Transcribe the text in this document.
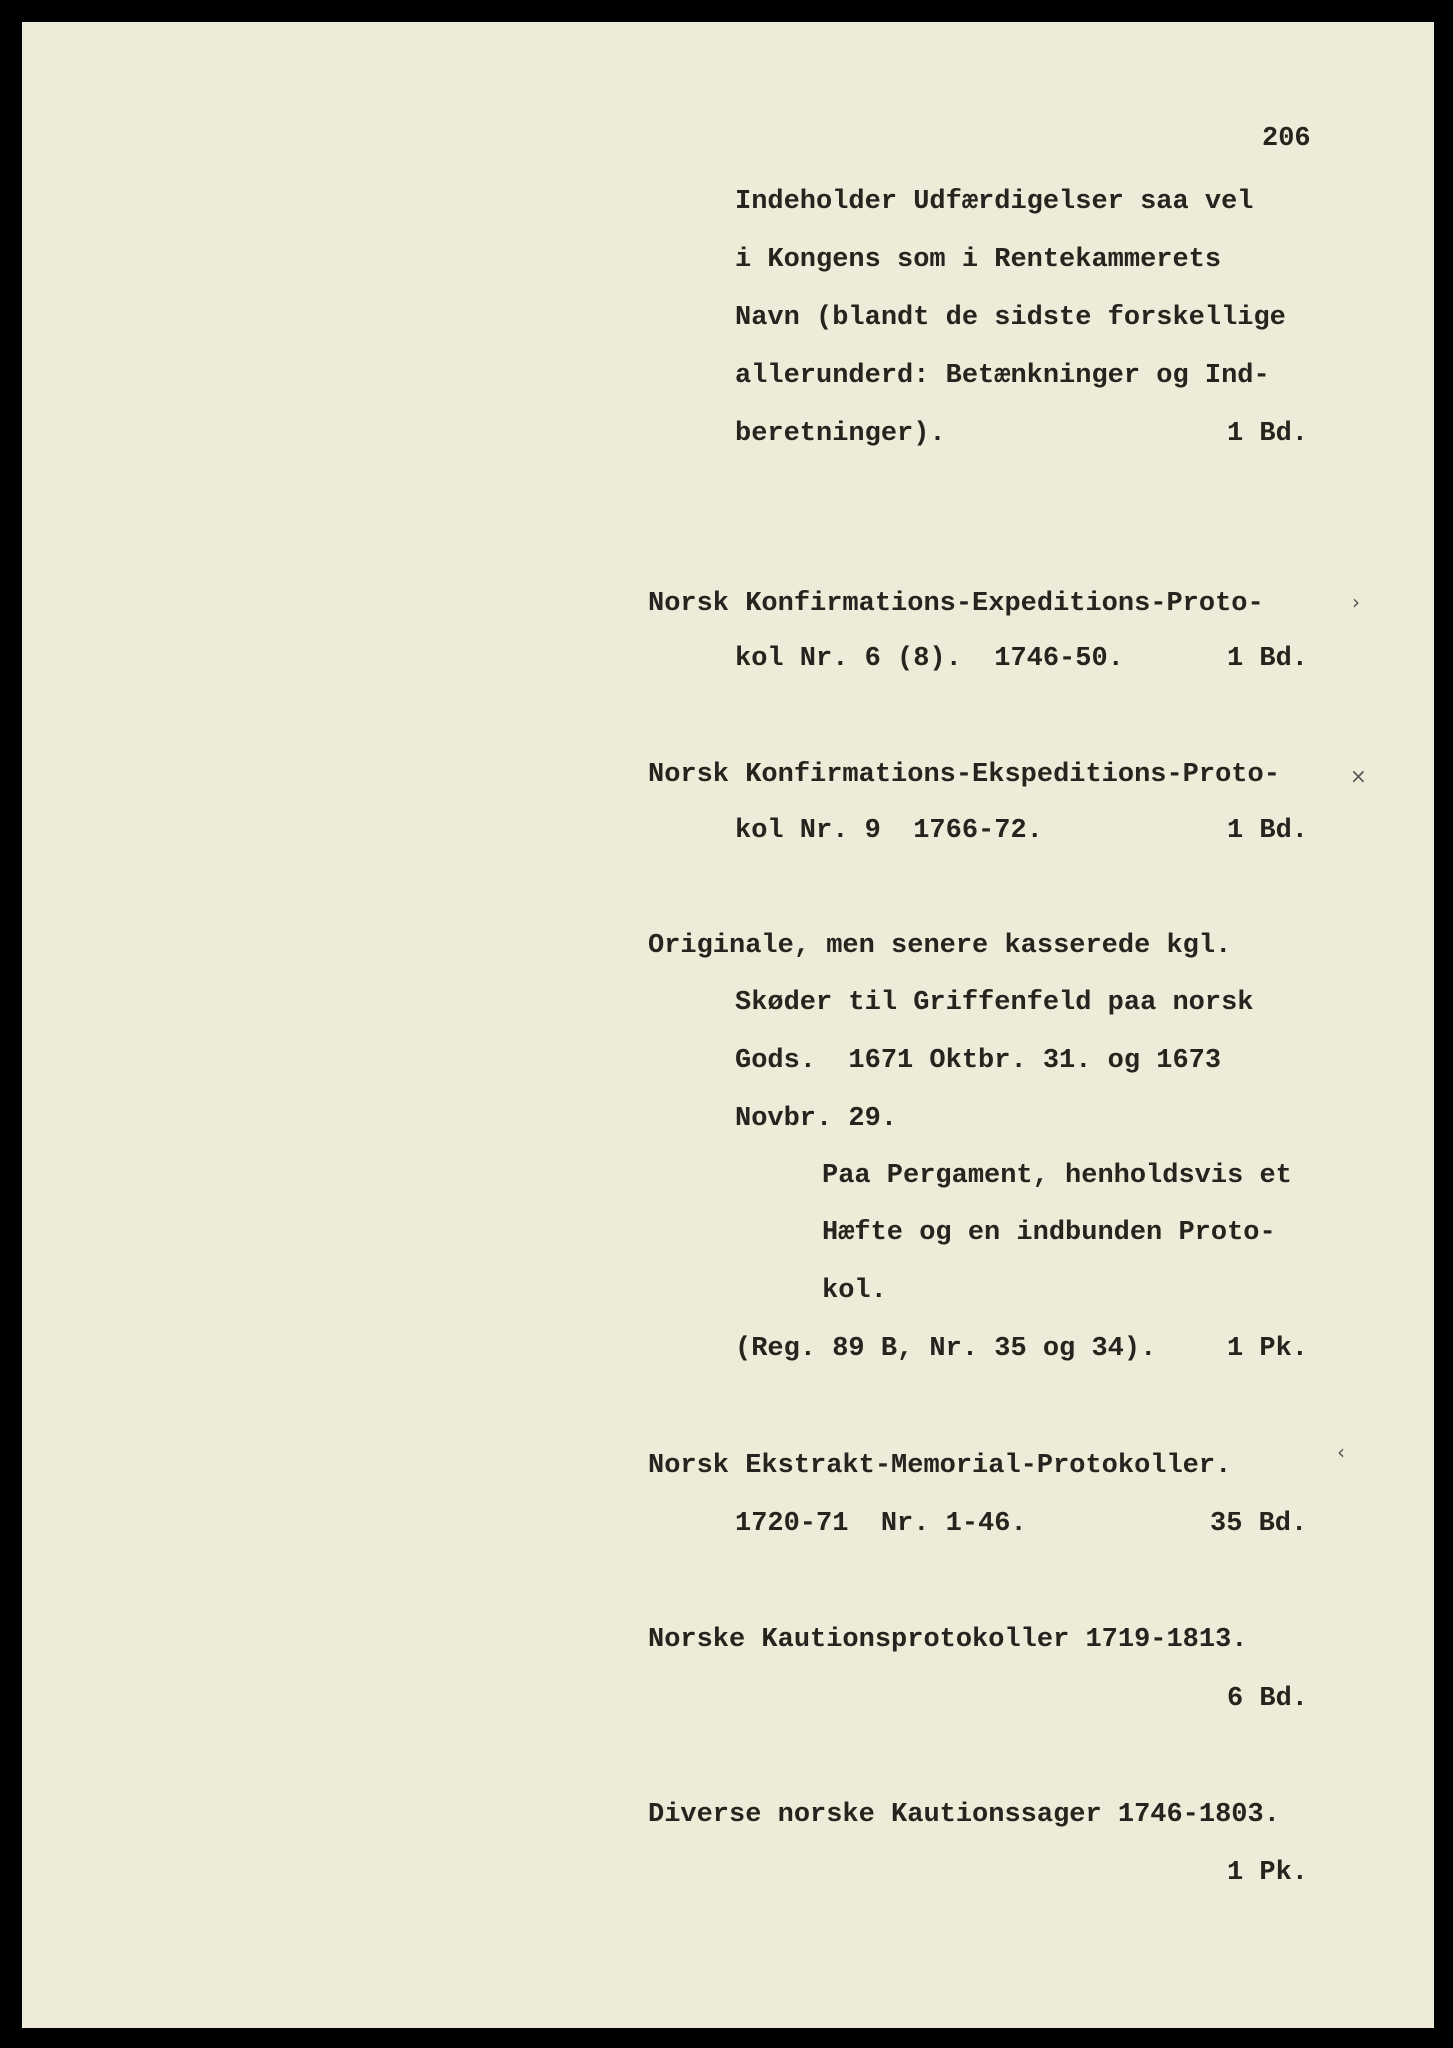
206
Indeholder Udfærdigelser saa vel
i Kongens som i Rentekammerets
Navn (blandt de sidste forskellige
allerunderd: Betænkninger og Ind-
beretninger).	1 Bd.
Norsk Konfirmations-Expeditions-Proto-	›
kol Nr. 6 (8).  1746-50.	1 Bd.
Norsk Konfirmations-Ekspeditions-Proto-	×
kol Nr. 9  1766-72.	1 Bd.
Originale, men senere kasserede kgl.
Skøder til Griffenfeld paa norsk
Gods.  1671 Oktbr. 31. og 1673
Novbr. 29.
Paa Pergament, henholdsvis et
Hæfte og en indbunden Proto-
kol.
(Reg. 89 B, Nr. 35 og 34).	1 Pk.
Norsk Ekstrakt-Memorial-Protokoller.	‹
1720-71  Nr. 1-46.	35 Bd.
Norske Kautionsprotokoller 1719-1813.
6 Bd.
Diverse norske Kautionssager 1746-1803.
1 Pk.
